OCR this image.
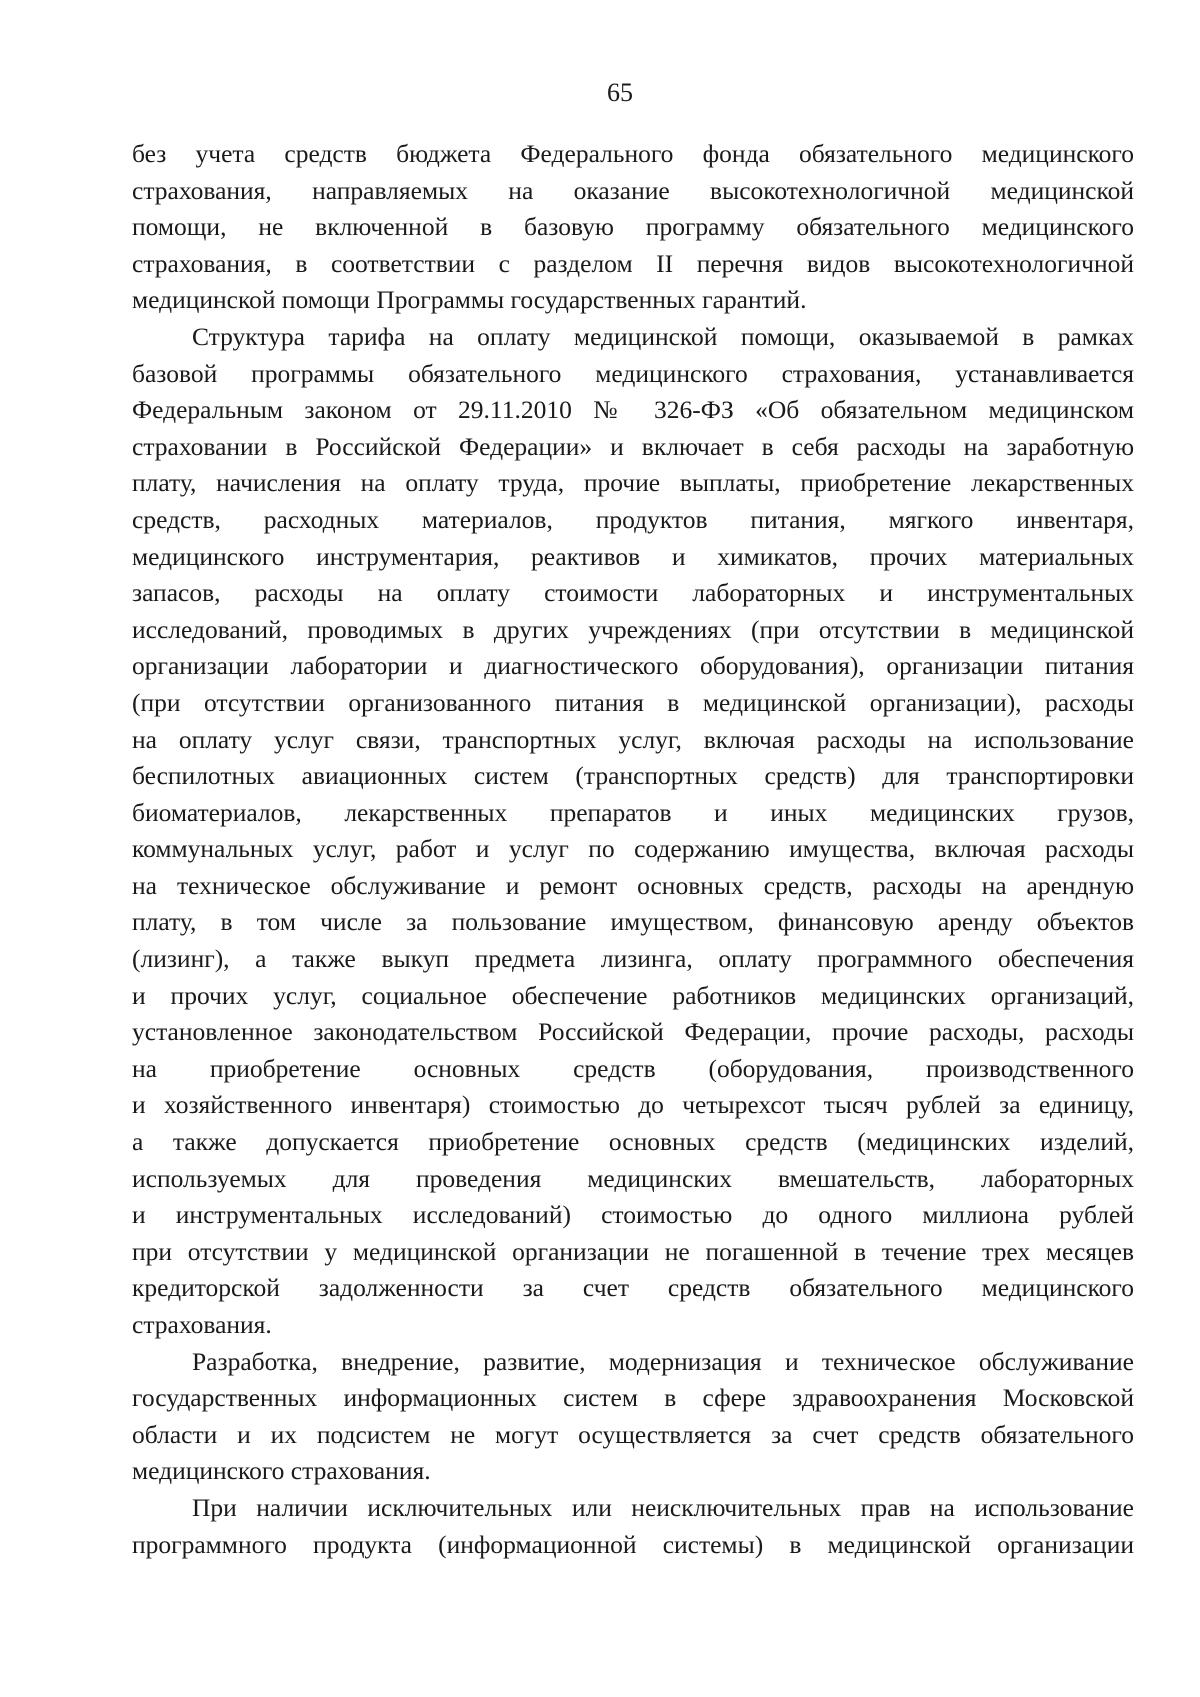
65
без учета средств бюджета Федерального фонда обязательного медицинского
страхования, направляемых на оказание высокотехнологичной медицинской
помощи, не включенной в базовую программу обязательного медицинского
страхования, в соответствии с разделом II перечня видов высокотехнологичной
медицинской помощи Программы государственных гарантий.
Структура тарифа на оплату медицинской помощи, оказываемой в рамках
базовой программы обязательного медицинского страхования, устанавливается
Федеральным законом от 29.11.2010 № 326-ФЗ «Об обязательном медицинском
страховании в Российской Федерации» и включает в себя расходы на заработную
плату, начисления на оплату труда, прочие выплаты, приобретение лекарственных
средств, расходных материалов, продуктов питания, мягкого инвентаря,
медицинского инструментария, реактивов и химикатов, прочих материальных
запасов, расходы на оплату стоимости лабораторных и инструментальных
исследований, проводимых в других учреждениях (при отсутствии в медицинской
организации лаборатории и диагностического оборудования), организации питания
(при отсутствии организованного питания в медицинской организации), расходы
на оплату услуг связи, транспортных услуг, включая расходы на использование
беспилотных авиационных систем (транспортных средств) для транспортировки
биоматериалов, лекарственных препаратов и иных медицинских грузов,
коммунальных услуг, работ и услуг по содержанию имущества, включая расходы
на техническое обслуживание и ремонт основных средств, расходы на арендную
плату, в том числе за пользование имуществом, финансовую аренду объектов
(лизинг), а также выкуп предмета лизинга, оплату программного обеспечения
и прочих услуг, социальное обеспечение работников медицинских организаций,
установленное законодательством Российской Федерации, прочие расходы, расходы
на приобретение основных средств (оборудования, производственного
и хозяйственного инвентаря) стоимостью до четырехсот тысяч рублей за единицу,
а также допускается приобретение основных средств (медицинских изделий,
используемых для проведения медицинских вмешательств, лабораторных
и инструментальных исследований) стоимостью до одного миллиона рублей
при отсутствии у медицинской организации не погашенной в течение трех месяцев
кредиторской задолженности за счет средств обязательного медицинского
страхования.
Разработка, внедрение, развитие, модернизация и техническое обслуживание
государственных информационных систем в сфере здравоохранения Московской
области и их подсистем не могут осуществляется за счет средств обязательного
медицинского страхования.
При наличии исключительных или неисключительных прав на использование
программного продукта (информационной системы) в медицинской организации
